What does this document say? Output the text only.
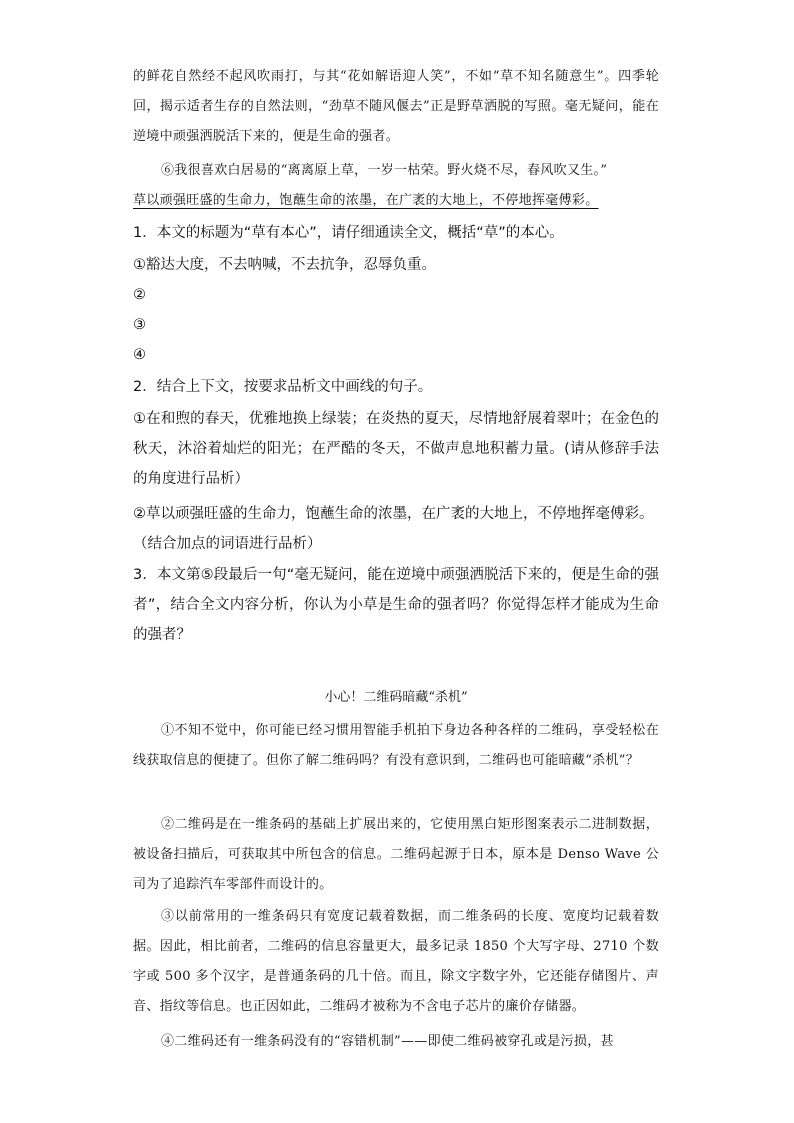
的鲜花自然经不起风吹雨打，与其“花如解语迎人笑”，不如“草不知名随意生”。四季轮回，揭示适者生存的自然法则，“劲草不随风偃去”正是野草洒脱的写照。毫无疑问，能在逆境中顽强洒脱活下来的，便是生命的强者。

⑥我很喜欢白居易的“离离原上草，一岁一枯荣。野火烧不尽，春风吹又生。”

草以顽强旺盛的生命力，饱蘸生命的浓墨，在广袤的大地上，不停地挥毫傅彩。

1．本文的标题为“草有本心”，请仔细通读全文，概括“草”的本心。

①豁达大度，不去呐喊，不去抗争，忍辱负重。

②

③

④

2．结合上下文，按要求品析文中画线的句子。

①在和煦的春天，优雅地换上绿装；在炎热的夏天，尽情地舒展着翠叶；在金色的秋天，沐浴着灿烂的阳光；在严酷的冬天，不做声息地积蓄力量。(请从修辞手法的角度进行品析）

②草以顽强旺盛的生命力，饱蘸生命的浓墨，在广袤的大地上，不停地挥毫傅彩。

（结合加点的词语进行品析）

3．本文第⑤段最后一句“毫无疑问，能在逆境中顽强洒脱活下来的，便是生命的强者”，结合全文内容分析，你认为小草是生命的强者吗？你觉得怎样才能成为生命的强者？

小心！二维码暗藏“杀机”

①不知不觉中，你可能已经习惯用智能手机拍下身边各种各样的二维码，享受轻松在线获取信息的便捷了。但你了解二维码吗？有没有意识到，二维码也可能暗藏“杀机”？

②二维码是在一维条码的基础上扩展出来的，它使用黑白矩形图案表示二进制数据，被设备扫描后，可获取其中所包含的信息。二维码起源于日本，原本是 Denso Wave 公司为了追踪汽车零部件而设计的。

③以前常用的一维条码只有宽度记载着数据，而二维条码的长度、宽度均记载着数据。因此，相比前者，二维码的信息容量更大，最多记录 1850 个大写字母、2710 个数字或 500 多个汉字，是普通条码的几十倍。而且，除文字数字外，它还能存储图片、声音、指纹等信息。也正因如此，二维码才被称为不含电子芯片的廉价存储器。

④二维码还有一维条码没有的“容错机制”——即使二维码被穿孔或是污损，甚
